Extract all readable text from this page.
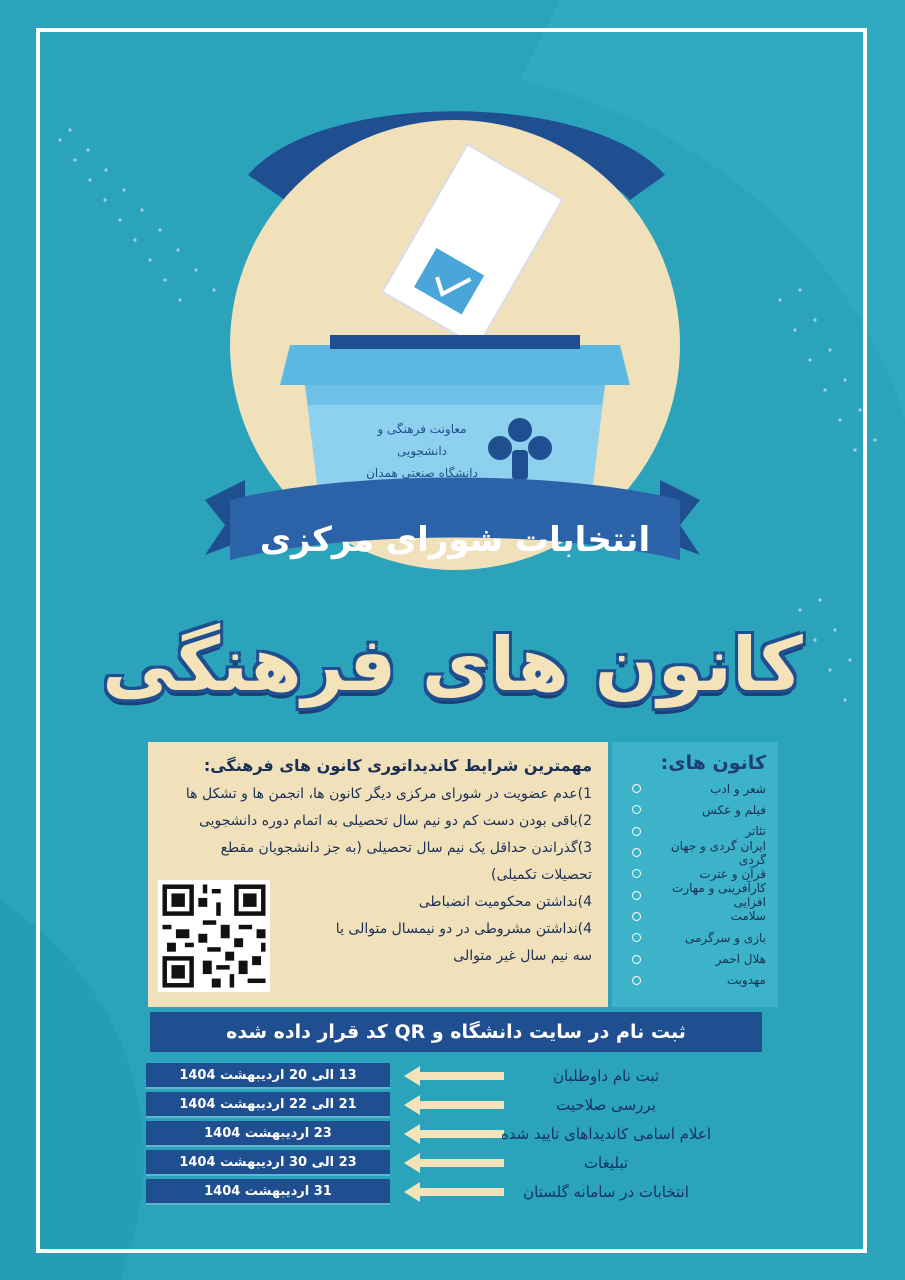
معاونت فرهنگی و دانشجویی
دانشگاه صنعتی همدان
انتخابات شورای مرکزی
کانون های فرهنگی
مهمترین شرایط کاندیداتوری کانون های فرهنگی:
1)عدم عضویت در شورای مرکزی دیگر کانون ها، انجمن ها و تشکل ها
2)باقی بودن دست کم دو نیم سال تحصیلی به اتمام دوره دانشجویی
3)گذراندن حداقل یک نیم سال تحصیلی (به جز دانشجویان مقطع
تحصیلات تکمیلی)
4)نداشتن محکومیت انضباطی
4)نداشتن مشروطی در دو نیمسال متوالی یا
سه نیم سال غیر متوالی
کانون های:
شعر و ادب
فیلم و عکس
تئاتر
ایران گردی و جهان گردی
قرآن و عترت
کارآفرینی و مهارت افزایی
سلامت
بازی و سرگرمی
هلال احمر
مهدویت
ثبت نام در سایت دانشگاه و QR کد قرار داده شده
13 الی 20 اردیبهشت 1404	ثبت نام داوطلبان
21 الی 22 اردیبهشت 1404	بررسی صلاحیت
23 اردیبهشت 1404	اعلام اسامی کاندیداهای تایید شده
23 الی 30 اردیبهشت 1404	تبلیغات
31 اردیبهشت 1404	انتخابات در سامانه گلستان
